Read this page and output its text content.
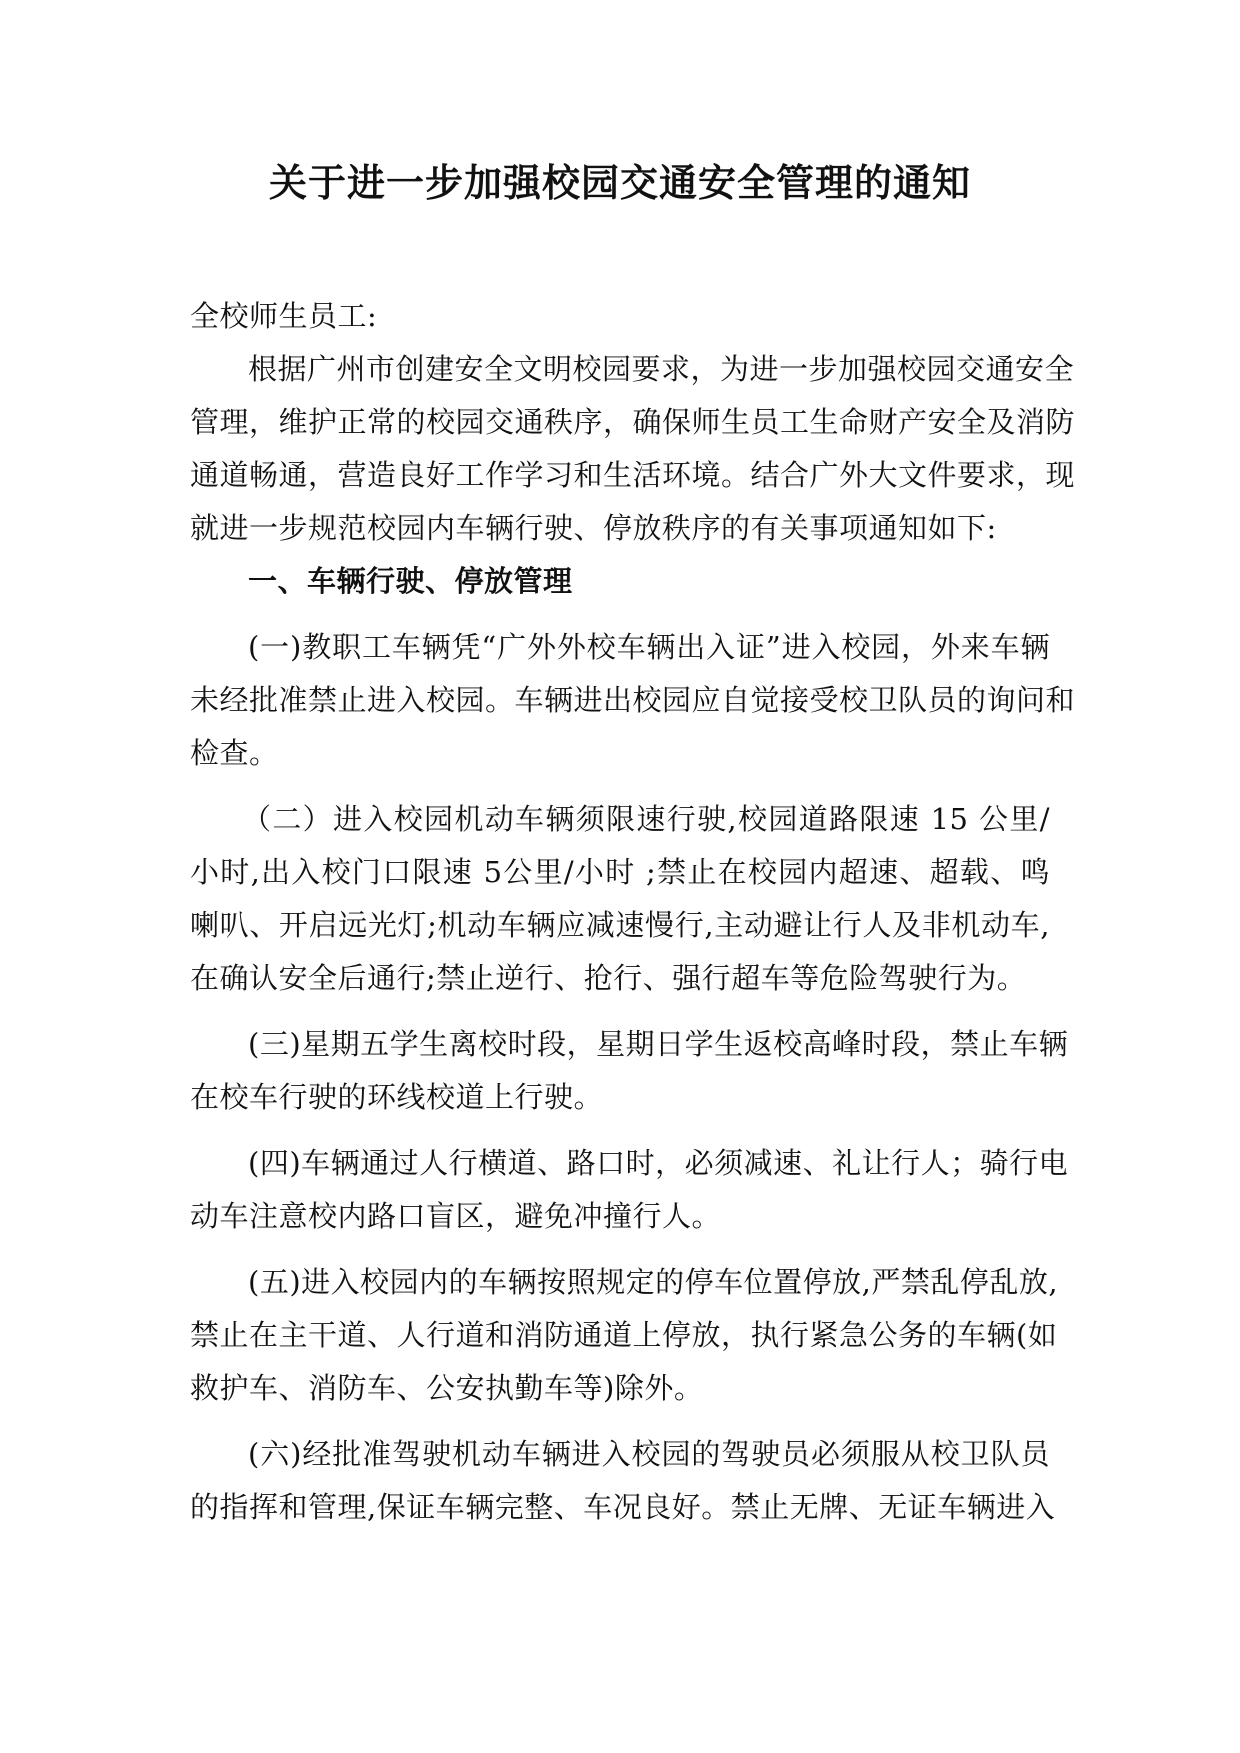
关于进一步加强校园交通安全管理的通知
全校师生员工:
根据广州市创建安全文明校园要求，为进一步加强校园交通安全
管理，维护正常的校园交通秩序，确保师生员工生命财产安全及消防
通道畅通，营造良好工作学习和生活环境。结合广外大文件要求，现
就进一步规范校园内车辆行驶、停放秩序的有关事项通知如下:
一、车辆行驶、停放管理
(一)教职工车辆凭“广外外校车辆出入证”进入校园，外来车辆
未经批准禁止进入校园。车辆进出校园应自觉接受校卫队员的询问和
检查。
（二）进入校园机动车辆须限速行驶,校园道路限速 15 公里/
小时,出入校门口限速 5公里/小时 ;禁止在校园内超速、超载、鸣
喇叭、开启远光灯;机动车辆应减速慢行,主动避让行人及非机动车,
在确认安全后通行;禁止逆行、抢行、强行超车等危险驾驶行为。
(三)星期五学生离校时段，星期日学生返校高峰时段，禁止车辆
在校车行驶的环线校道上行驶。
(四)车辆通过人行横道、路口时，必须减速、礼让行人；骑行电
动车注意校内路口盲区，避免冲撞行人。
(五)进入校园内的车辆按照规定的停车位置停放,严禁乱停乱放,
禁止在主干道、人行道和消防通道上停放，执行紧急公务的车辆(如
救护车、消防车、公安执勤车等)除外。
(六)经批准驾驶机动车辆进入校园的驾驶员必须服从校卫队员
的指挥和管理,保证车辆完整、车况良好。禁止无牌、无证车辆进入
